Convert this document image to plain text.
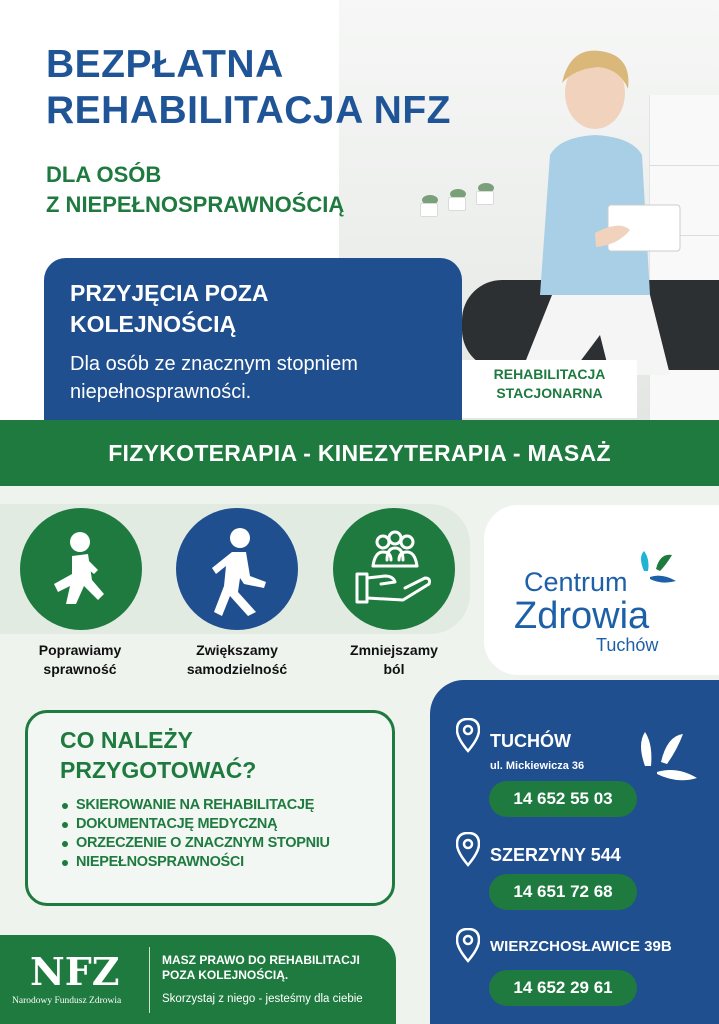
BEZPŁATNA
REHABILITACJA NFZ
DLA OSÓB
Z NIEPEŁNOSPRAWNOŚCIĄ
PRZYJĘCIA POZA
KOLEJNOŚCIĄ
Dla osób ze znacznym stopniem
niepełnosprawności.
REHABILITACJA
STACJONARNA
FIZYKOTERAPIA - KINEZYTERAPIA - MASAŻ
Poprawiamy
sprawność
Zwiększamy
samodzielność
Zmniejszamy
ból
Centrum
Zdrowia
Tuchów
CO NALEŻY
PRZYGOTOWAĆ?
SKIEROWANIE NA REHABILITACJĘ
DOKUMENTACJĘ MEDYCZNĄ
ORZECZENIE O ZNACZNYM STOPNIU
NIEPEŁNOSPRAWNOŚCI
NFZ
Narodowy Fundusz Zdrowia
MASZ PRAWO DO REHABILITACJI
POZA KOLEJNOŚCIĄ.
Skorzystaj z niego - jesteśmy dla ciebie
TUCHÓW
ul. Mickiewicza 36
14 652 55 03
SZERZYNY 544
14 651 72 68
WIERZCHOSŁAWICE 39B
14 652 29 61
